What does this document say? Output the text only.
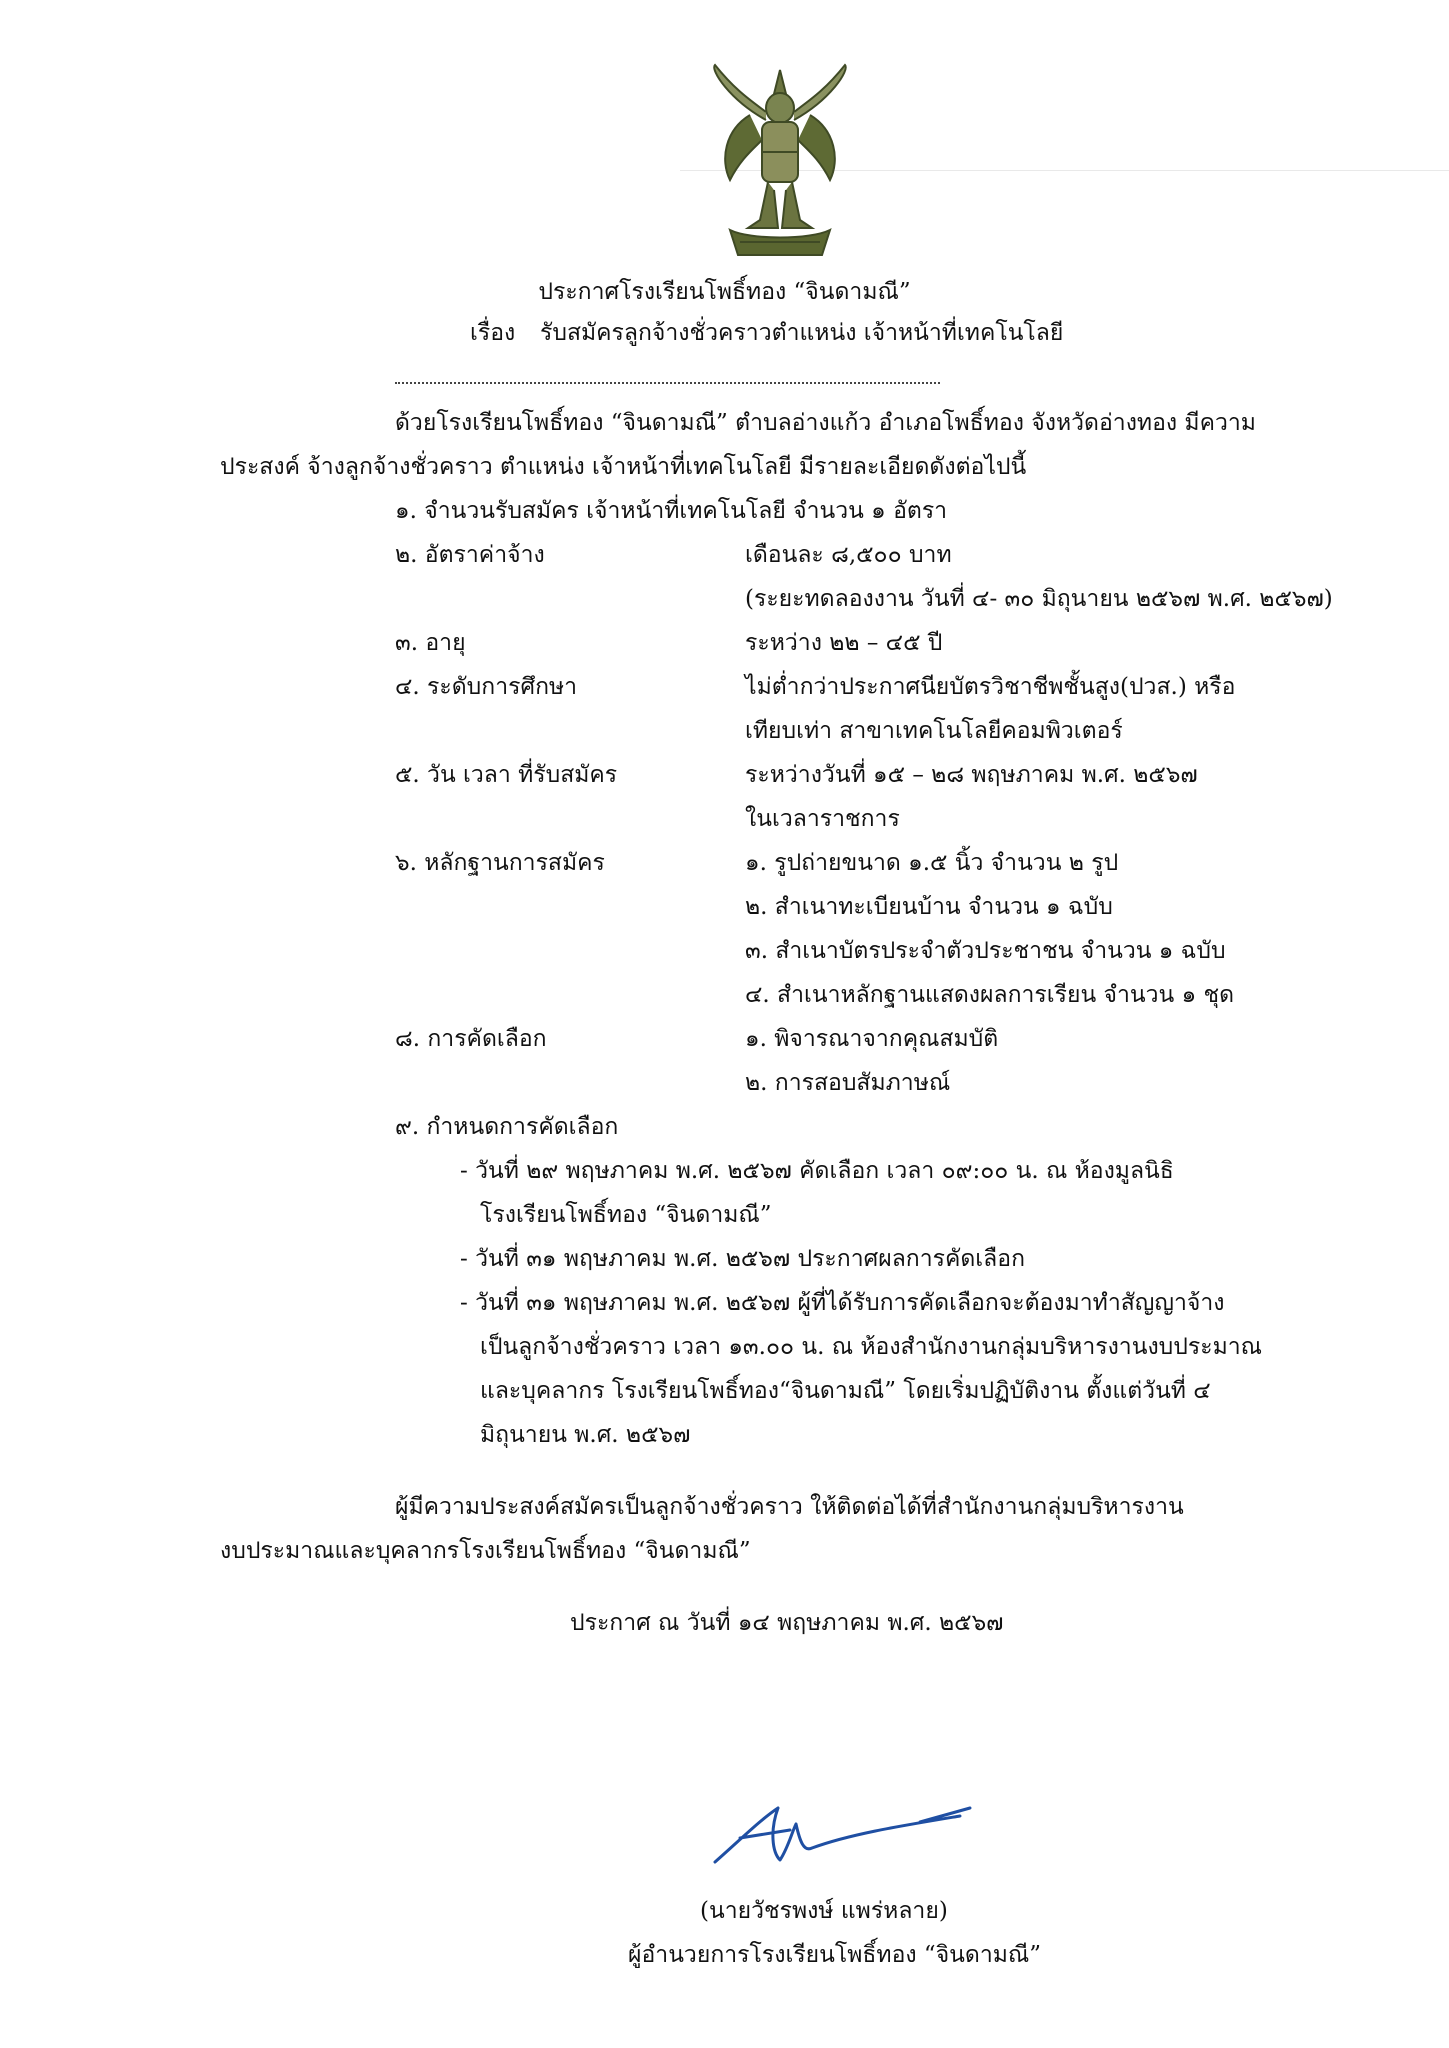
ประกาศโรงเรียนโพธิ์ทอง “จินดามณี”
เรื่อง รับสมัครลูกจ้างชั่วคราวตำแหน่ง เจ้าหน้าที่เทคโนโลยี
ด้วยโรงเรียนโพธิ์ทอง “จินดามณี” ตำบลอ่างแก้ว อำเภอโพธิ์ทอง จังหวัดอ่างทอง มีความ
ประสงค์ จ้างลูกจ้างชั่วคราว ตำแหน่ง เจ้าหน้าที่เทคโนโลยี มีรายละเอียดดังต่อไปนี้
๑. จำนวนรับสมัคร เจ้าหน้าที่เทคโนโลยี จำนวน ๑ อัตรา
๒. อัตราค่าจ้าง	เดือนละ ๘,๕๐๐ บาท
(ระยะทดลองงาน วันที่ ๔- ๓๐ มิถุนายน ๒๕๖๗ พ.ศ. ๒๕๖๗)
๓. อายุ	ระหว่าง ๒๒ – ๔๕ ปี
๔. ระดับการศึกษา	ไม่ต่ำกว่าประกาศนียบัตรวิชาชีพชั้นสูง(ปวส.) หรือ
เทียบเท่า สาขาเทคโนโลยีคอมพิวเตอร์
๕. วัน เวลา ที่รับสมัคร	ระหว่างวันที่ ๑๕ – ๒๘ พฤษภาคม พ.ศ. ๒๕๖๗
ในเวลาราชการ
๖. หลักฐานการสมัคร	๑. รูปถ่ายขนาด ๑.๕ นิ้ว จำนวน ๒ รูป
๒. สำเนาทะเบียนบ้าน จำนวน ๑ ฉบับ
๓. สำเนาบัตรประจำตัวประชาชน จำนวน ๑ ฉบับ
๔. สำเนาหลักฐานแสดงผลการเรียน จำนวน ๑ ชุด
๘. การคัดเลือก	๑. พิจารณาจากคุณสมบัติ
๒. การสอบสัมภาษณ์
๙. กำหนดการคัดเลือก
- วันที่ ๒๙ พฤษภาคม พ.ศ. ๒๕๖๗ คัดเลือก เวลา ๐๙:๐๐ น. ณ ห้องมูลนิธิ
โรงเรียนโพธิ์ทอง “จินดามณี”
- วันที่ ๓๑ พฤษภาคม พ.ศ. ๒๕๖๗ ประกาศผลการคัดเลือก
- วันที่ ๓๑ พฤษภาคม พ.ศ. ๒๕๖๗ ผู้ที่ได้รับการคัดเลือกจะต้องมาทำสัญญาจ้าง
เป็นลูกจ้างชั่วคราว เวลา ๑๓.๐๐ น. ณ ห้องสำนักงานกลุ่มบริหารงานงบประมาณ
และบุคลากร โรงเรียนโพธิ์ทอง“จินดามณี” โดยเริ่มปฏิบัติงาน ตั้งแต่วันที่ ๔
มิถุนายน พ.ศ. ๒๕๖๗
ผู้มีความประสงค์สมัครเป็นลูกจ้างชั่วคราว ให้ติดต่อได้ที่สำนักงานกลุ่มบริหารงาน
งบประมาณและบุคลากรโรงเรียนโพธิ์ทอง “จินดามณี”
ประกาศ ณ วันที่ ๑๔ พฤษภาคม พ.ศ. ๒๕๖๗
(นายวัชรพงษ์ แพร่หลาย)
ผู้อำนวยการโรงเรียนโพธิ์ทอง “จินดามณี”
